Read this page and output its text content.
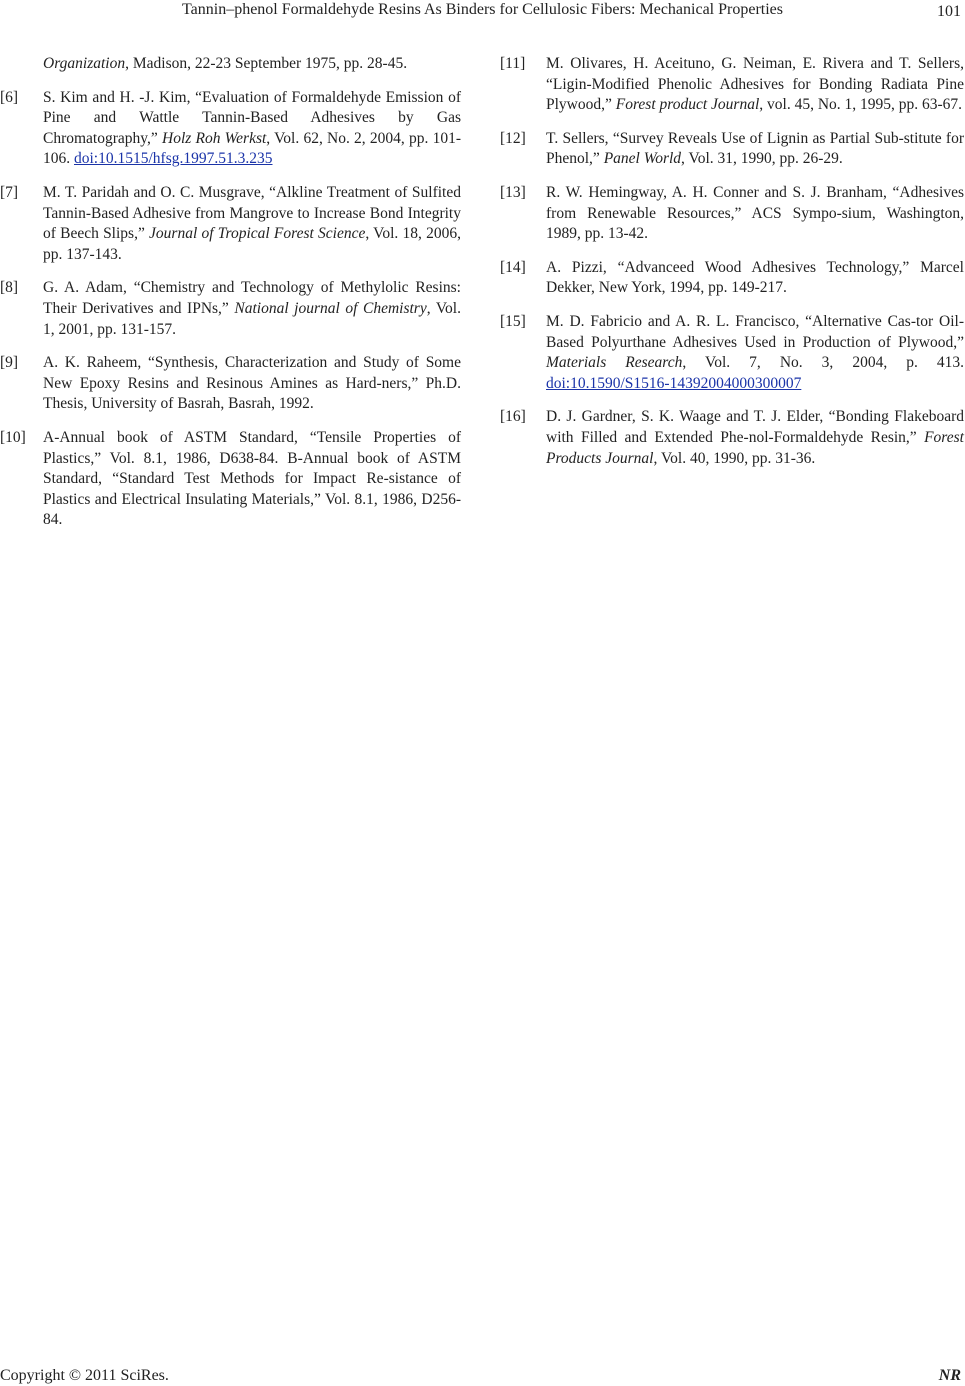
Tannin–phenol Formaldehyde Resins As Binders for Cellulosic Fibers: Mechanical Properties	101
Organization, Madison, 22-23 September 1975, pp. 28-45.
[6] S. Kim and H. -J. Kim, “Evaluation of Formaldehyde Emission of Pine and Wattle Tannin-Based Adhesives by Gas Chromatography,” Holz Roh Werkst, Vol. 62, No. 2, 2004, pp. 101-106. doi:10.1515/hfsg.1997.51.3.235
[7] M. T. Paridah and O. C. Musgrave, “Alkline Treatment of Sulfited Tannin-Based Adhesive from Mangrove to Increase Bond Integrity of Beech Slips,” Journal of Tropical Forest Science, Vol. 18, 2006, pp. 137-143.
[8] G. A. Adam, “Chemistry and Technology of Methylolic Resins: Their Derivatives and IPNs,” National journal of Chemistry, Vol. 1, 2001, pp. 131-157.
[9] A. K. Raheem, “Synthesis, Characterization and Study of Some New Epoxy Resins and Resinous Amines as Hard-ners,” Ph.D. Thesis, University of Basrah, Basrah, 1992.
[10] A-Annual book of ASTM Standard, “Tensile Properties of Plastics,” Vol. 8.1, 1986, D638-84. B-Annual book of ASTM Standard, “Standard Test Methods for Impact Re-sistance of Plastics and Electrical Insulating Materials,” Vol. 8.1, 1986, D256-84.
[11] M. Olivares, H. Aceituno, G. Neiman, E. Rivera and T. Sellers, “Ligin-Modified Phenolic Adhesives for Bonding Radiata Pine Plywood,” Forest product Journal, vol. 45, No. 1, 1995, pp. 63-67.
[12] T. Sellers, “Survey Reveals Use of Lignin as Partial Sub-stitute for Phenol,” Panel World, Vol. 31, 1990, pp. 26-29.
[13] R. W. Hemingway, A. H. Conner and S. J. Branham, “Adhesives from Renewable Resources,” ACS Sympo-sium, Washington, 1989, pp. 13-42.
[14] A. Pizzi, “Advanceed Wood Adhesives Technology,” Marcel Dekker, New York, 1994, pp. 149-217.
[15] M. D. Fabricio and A. R. L. Francisco, “Alternative Cas-tor Oil-Based Polyurthane Adhesives Used in Production of Plywood,” Materials Research, Vol. 7, No. 3, 2004, p. 413. doi:10.1590/S1516-14392004000300007
[16] D. J. Gardner, S. K. Waage and T. J. Elder, “Bonding Flakeboard with Filled and Extended Phe-nol-Formaldehyde Resin,” Forest Products Journal, Vol. 40, 1990, pp. 31-36.
Copyright © 2011 SciRes.	NR
